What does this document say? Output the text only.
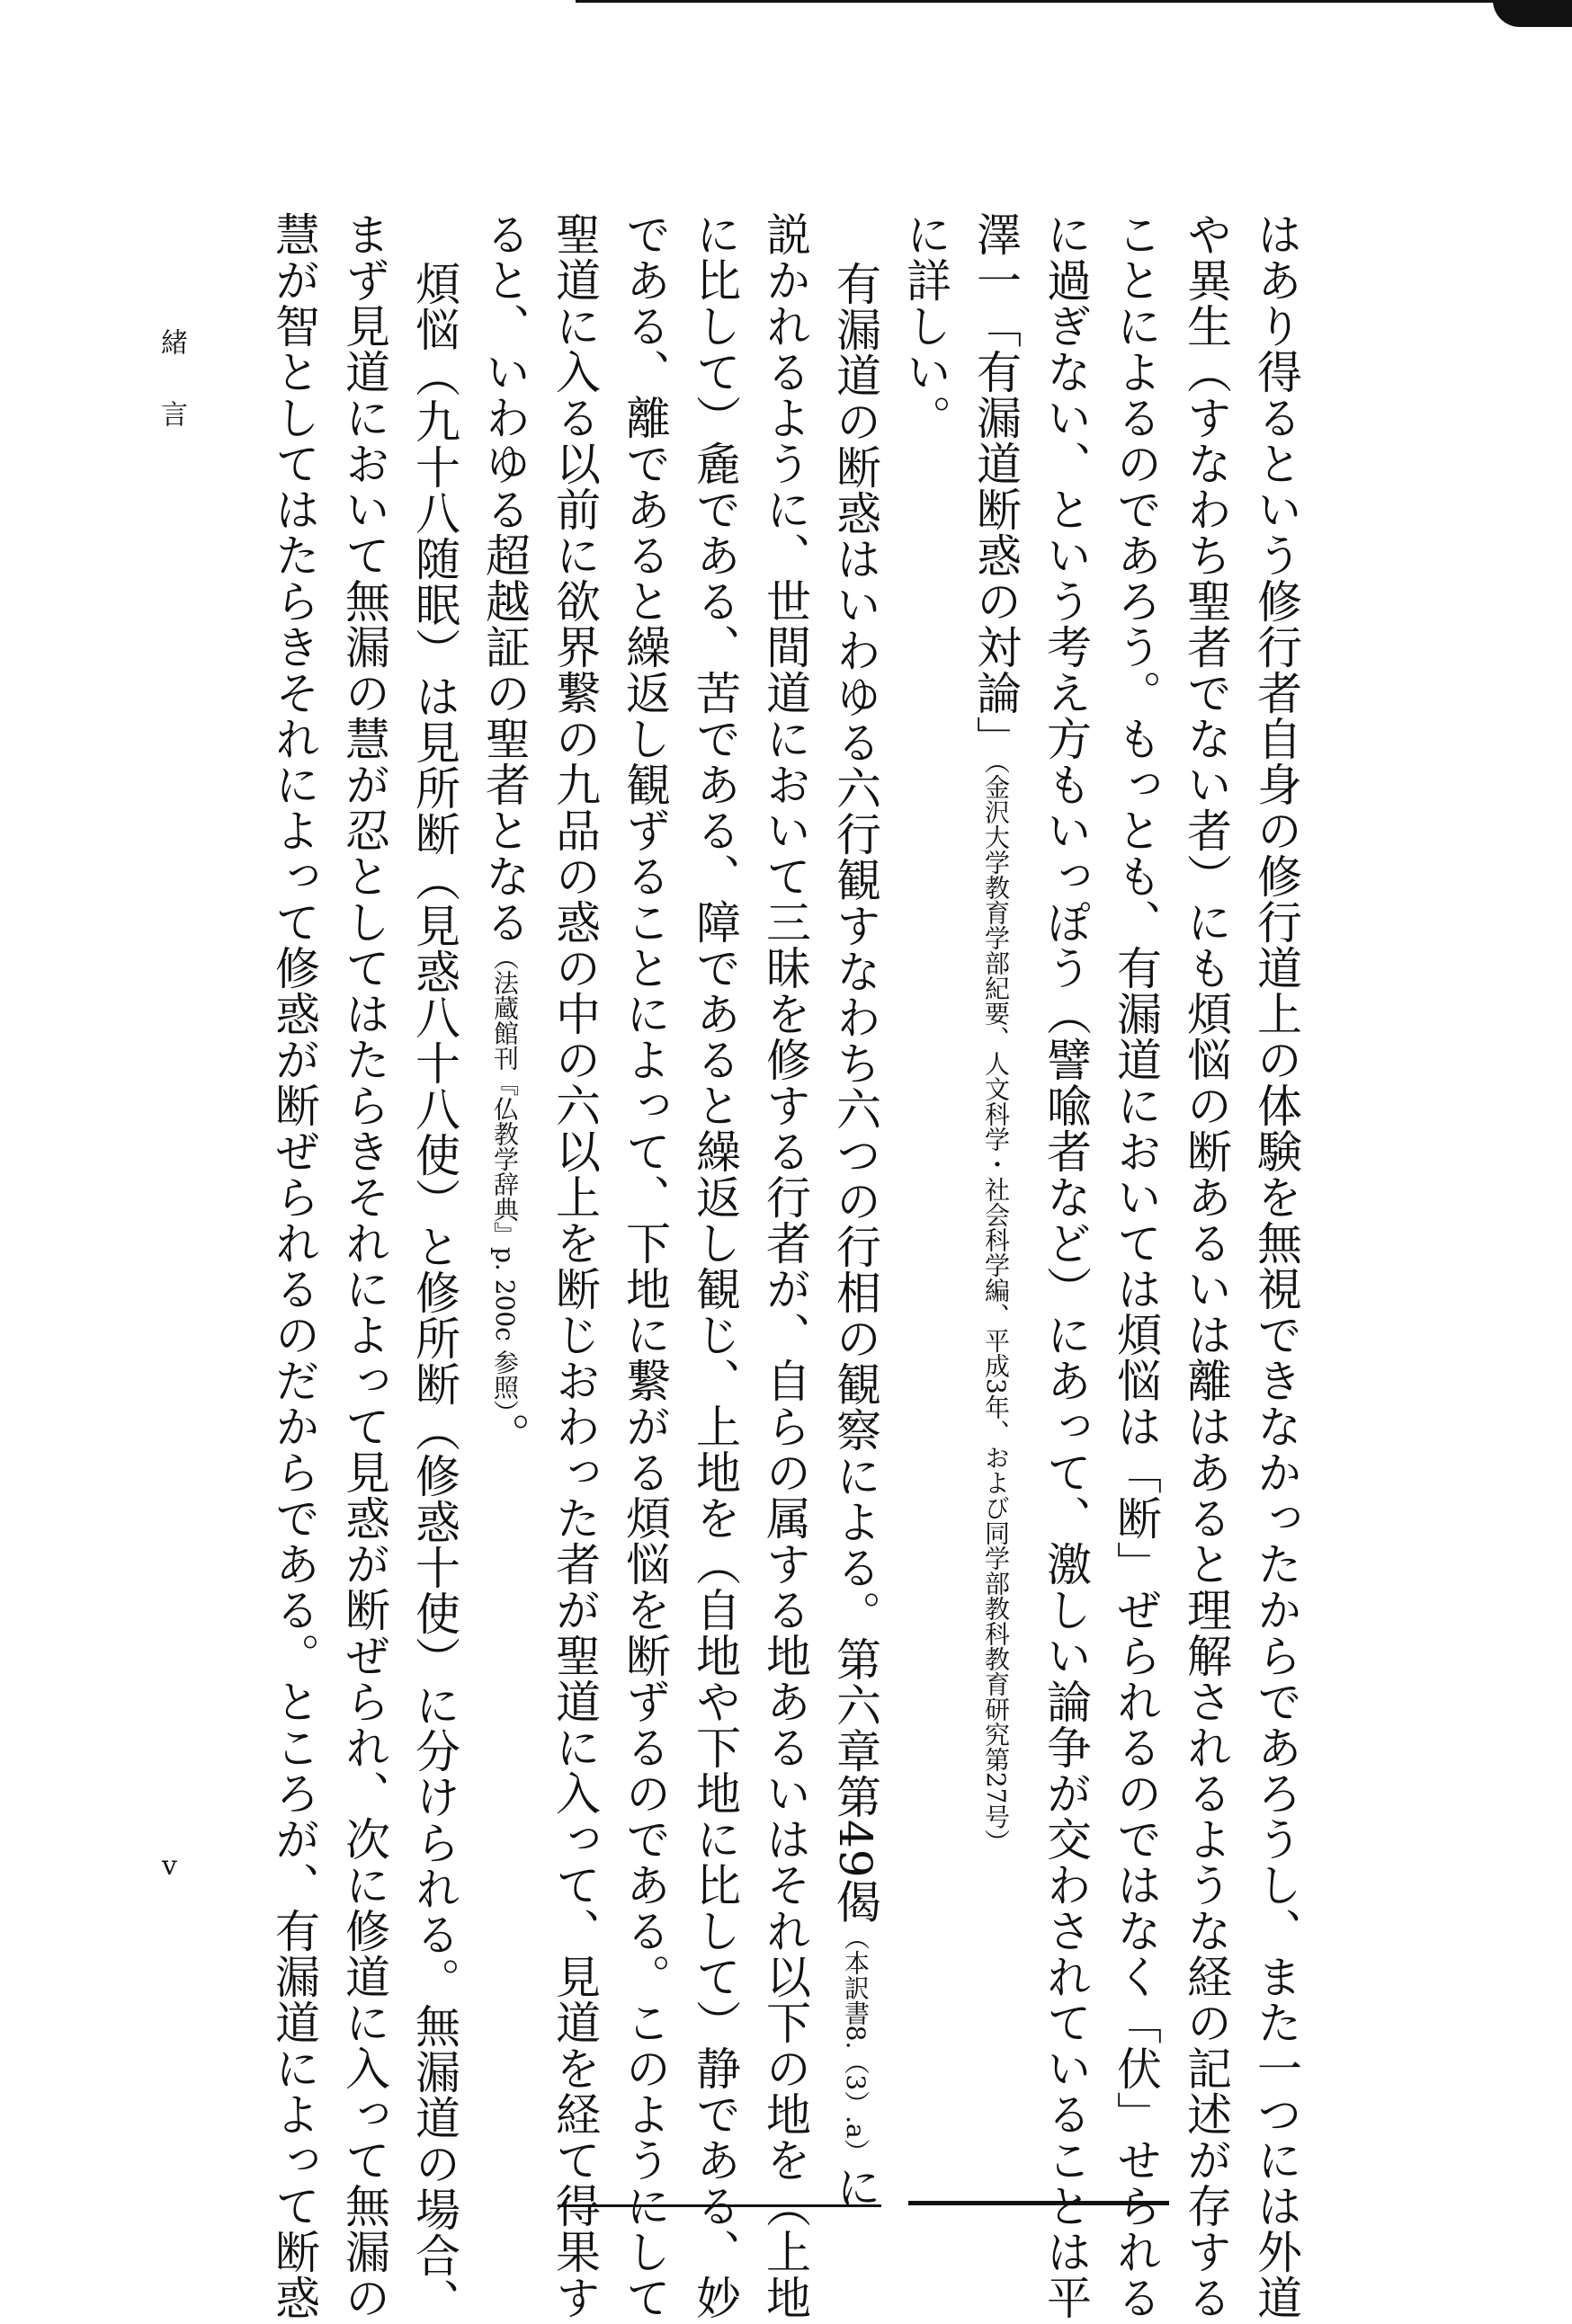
はあり得るという修行者自身の修行道上の体験を無視できなかったからであろうし、また一つには外道
や異生（すなわち聖者でない者）にも煩悩の断あるいは離はあると理解されるような経の記述が存する
ことによるのであろう。もっとも、有漏道においては煩悩は「断」ぜられるのではなく「伏」せられる
に過ぎない、という考え方もいっぽう（譬喩者など）にあって、激しい論争が交わされていることは平
澤一「有漏道断惑の対論」（金沢大学教育学部紀要、人文科学・社会科学編、平成3年、および同学部教科教育研究第27号）
に詳しい。
有漏道の断惑はいわゆる六行観すなわち六つの行相の観察による。第六章第49偈（本訳書8.（3）.a）に
説かれるように、世間道において三昧を修する行者が、自らの属する地あるいはそれ以下の地を（上地
に比して）麁である、苦である、障であると繰返し観じ、上地を（自地や下地に比して）静である、妙
である、離であると繰返し観ずることによって、下地に繋がる煩悩を断ずるのである。このようにして
聖道に入る以前に欲界繋の九品の惑の中の六以上を断じおわった者が聖道に入って、見道を経て得果す
ると、いわゆる超越証の聖者となる（法蔵館刊『仏教学辞典』p. 200c 参照）。
煩悩（九十八随眠）は見所断（見惑八十八使）と修所断（修惑十使）に分けられる。無漏道の場合、
まず見道において無漏の慧が忍としてはたらきそれによって見惑が断ぜられ、次に修道に入って無漏の
慧が智としてはたらきそれによって修惑が断ぜられるのだからである。ところが、有漏道によって断惑
緒言
v
